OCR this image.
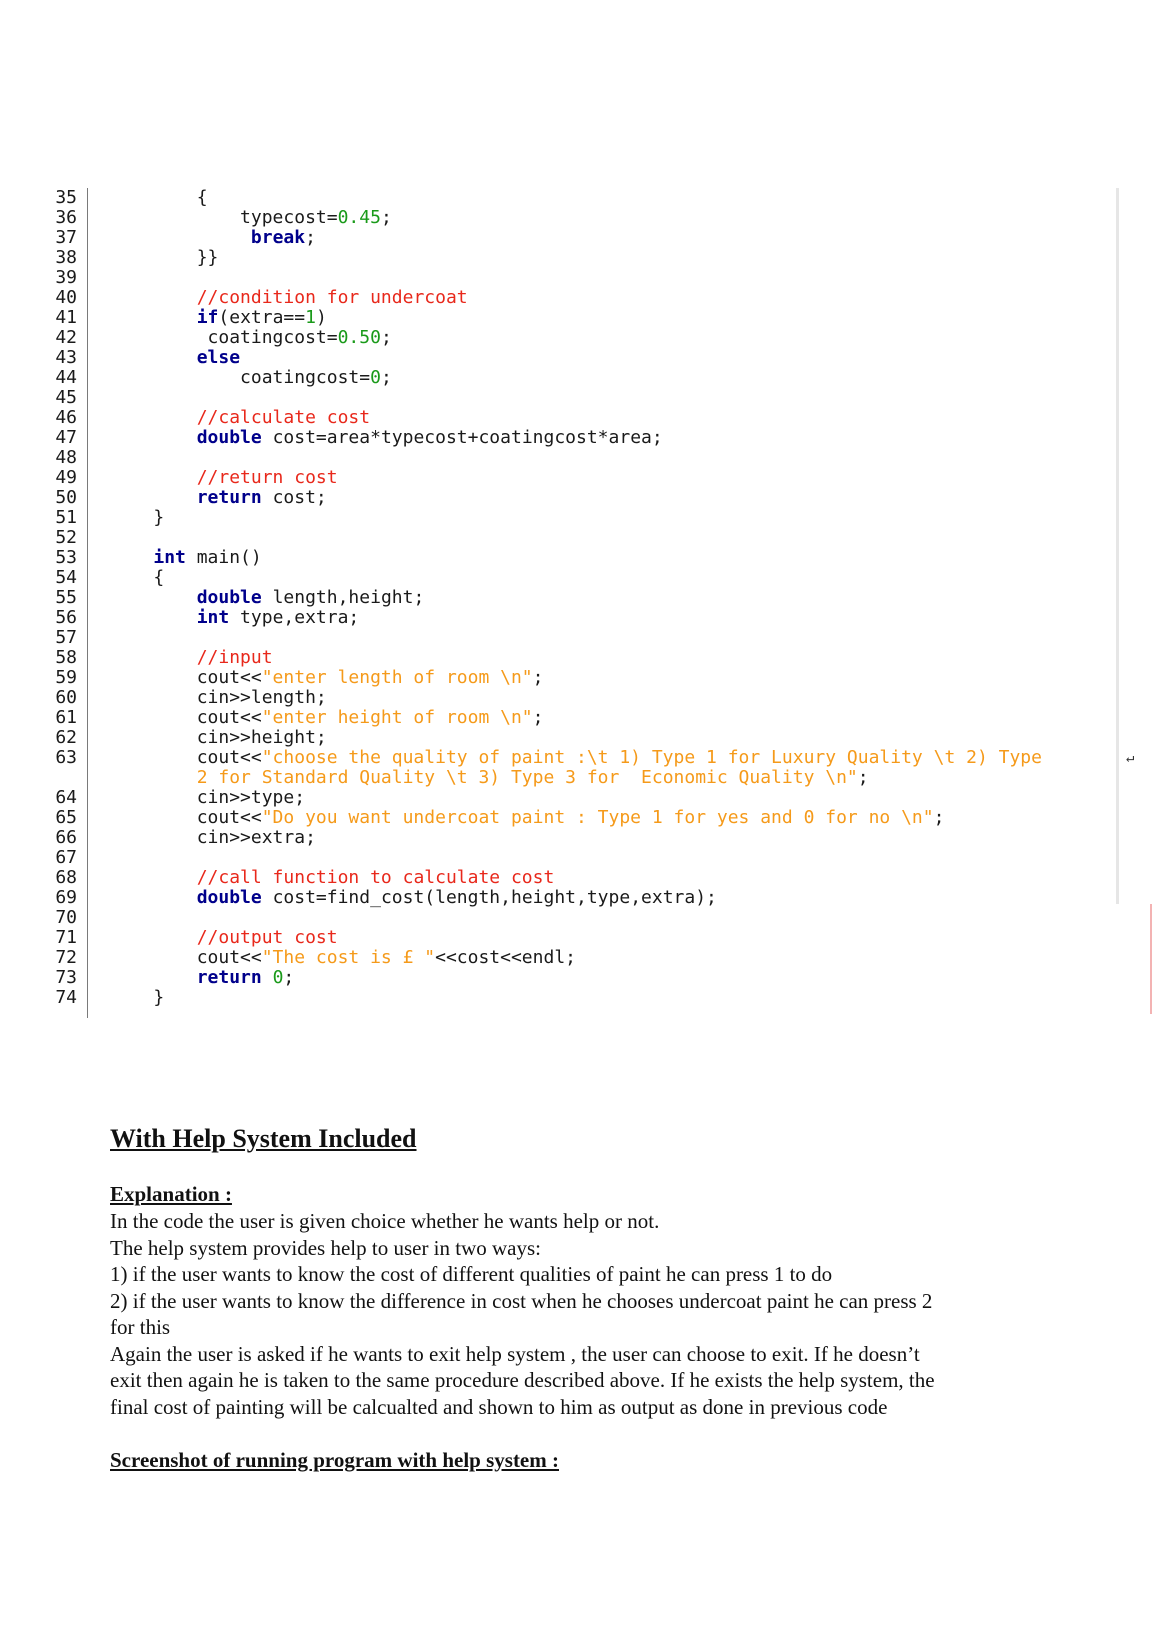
35 {
36 typecost=0.45;
37	break;
38 }}
39
40	//condition for undercoat
41	if(extra==1)
42 coatingcost=0.50;
43	else
44 coatingcost=0;
45
46	//calculate cost
47	double cost=area*typecost+coatingcost*area;
48
49	//return cost
50	return cost;
51 }
52
53	int main()
54 {
55	double length,height;
56	int type,extra;
57
58	//input
59 cout<<"enter length of room \n";
60 cin>>length;
61 cout<<"enter height of room \n";
62 cin>>height;
63 cout<<"choose the quality of paint :\t 1) Type 1 for Luxury Quality \t 2) Type	↵
2 for Standard Quality \t 3) Type 3 for  Economic Quality \n";
64 cin>>type;
65 cout<<"Do you want undercoat paint : Type 1 for yes and 0 for no \n";
66 cin>>extra;
67
68	//call function to calculate cost
69	double cost=find_cost(length,height,type,extra);
70
71	//output cost
72 cout<<"The cost is £ "<<cost<<endl;
73	return 0;
74 }
With Help System Included
Explanation :
In the code the user is given choice whether he wants help or not.
The help system provides help to user in two ways:
1) if the user wants to know the cost of different qualities of paint he can press 1 to do
2) if the user wants to know the difference in cost when he chooses undercoat paint he can press 2
for this
Again the user is asked if he wants to exit help system , the user can choose to exit. If he doesn’t
exit then again he is taken to the same procedure described above. If he exists the help system, the
final cost of painting will be calcualted and shown to him as output as done in previous code
Screenshot of running program with help system :
